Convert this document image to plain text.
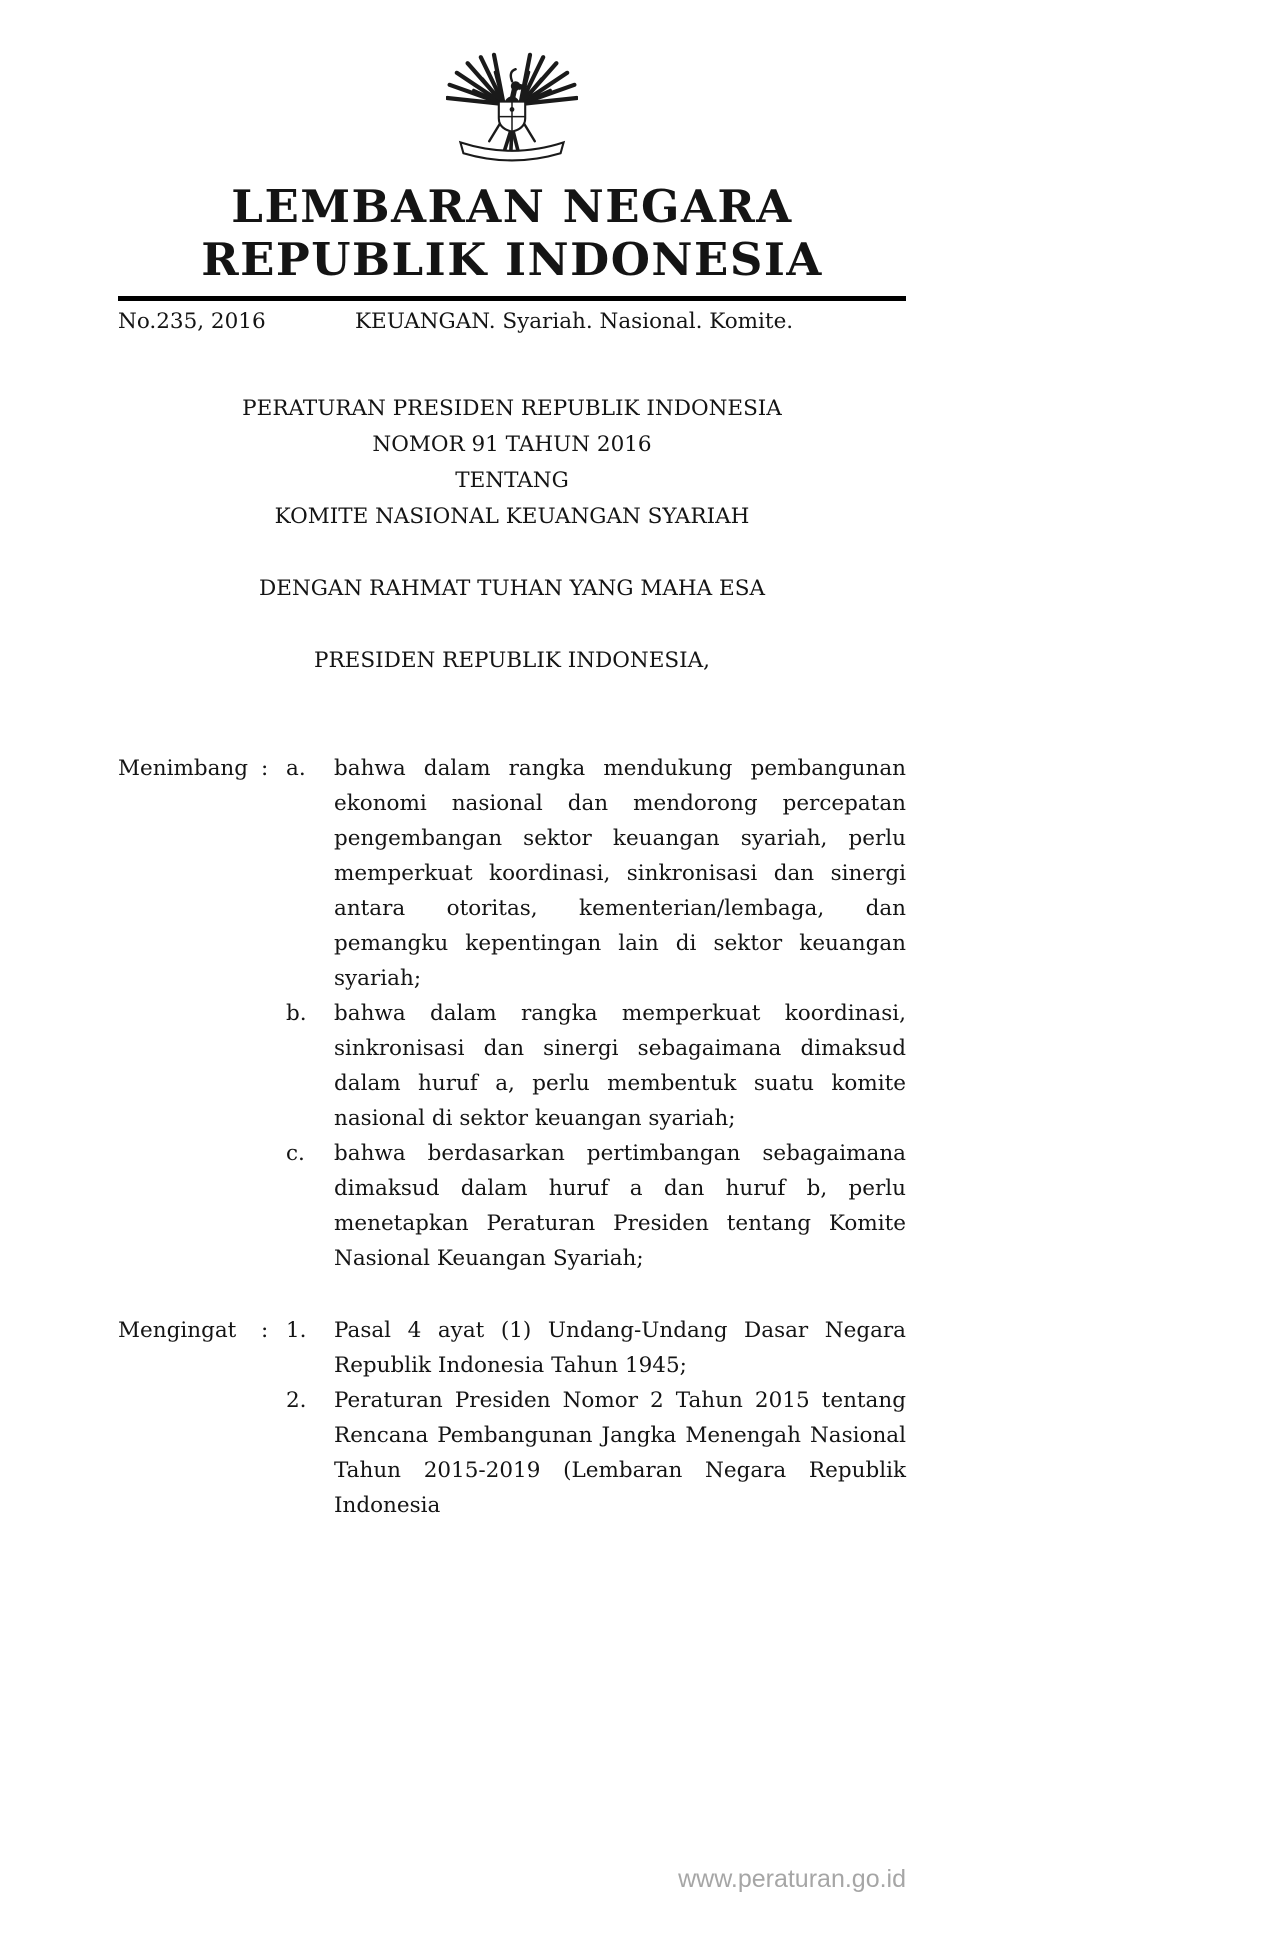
LEMBARAN NEGARA
REPUBLIK INDONESIA
No.235, 2016	KEUANGAN. Syariah. Nasional. Komite.
PERATURAN PRESIDEN REPUBLIK INDONESIA
NOMOR 91 TAHUN 2016
TENTANG
KOMITE NASIONAL KEUANGAN SYARIAH
DENGAN RAHMAT TUHAN YANG MAHA ESA
PRESIDEN REPUBLIK INDONESIA,
Menimbang : a.	bahwa dalam rangka mendukung pembangunan ekonomi nasional dan mendorong percepatan pengembangan sektor keuangan syariah, perlu memperkuat koordinasi, sinkronisasi dan sinergi antara otoritas, kementerian/lembaga, dan pemangku kepentingan lain di sektor keuangan syariah;
b.	bahwa dalam rangka memperkuat koordinasi, sinkronisasi dan sinergi sebagaimana dimaksud dalam huruf a, perlu membentuk suatu komite nasional di sektor keuangan syariah;
c.	bahwa berdasarkan pertimbangan sebagaimana dimaksud dalam huruf a dan huruf b, perlu menetapkan Peraturan Presiden tentang Komite Nasional Keuangan Syariah;
Mengingat	: 1.	Pasal 4 ayat (1) Undang-Undang Dasar Negara Republik Indonesia Tahun 1945;
2.	Peraturan Presiden Nomor 2 Tahun 2015 tentang Rencana Pembangunan Jangka Menengah Nasional Tahun 2015-2019 (Lembaran Negara Republik Indonesia
www.peraturan.go.id
